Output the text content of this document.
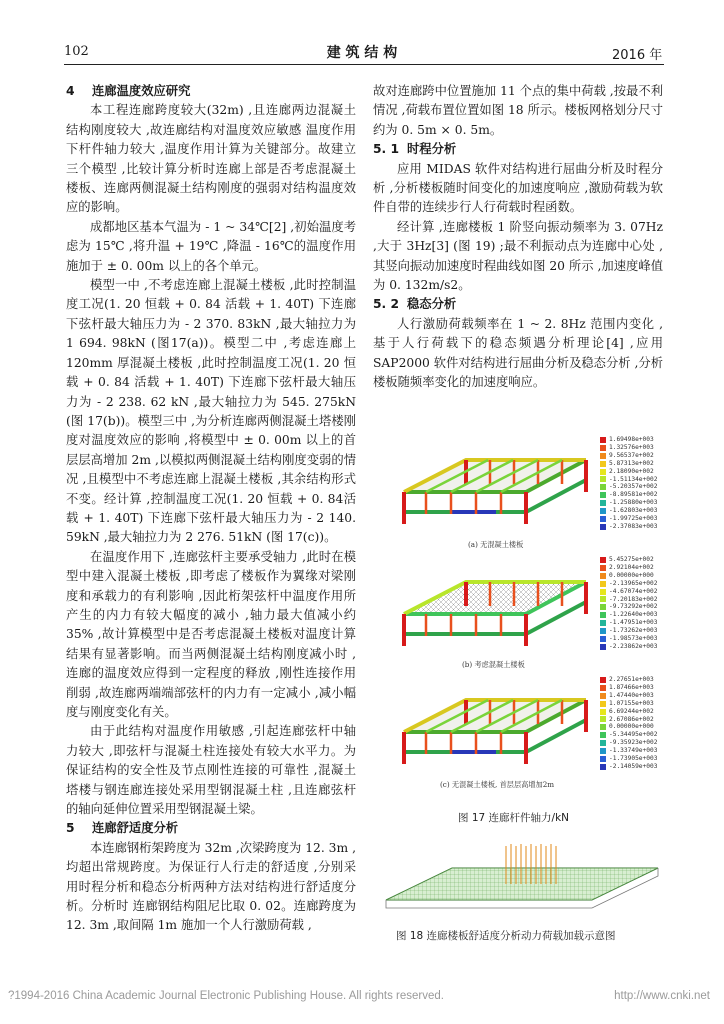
102	建 筑 结 构	2016 年
4 连廊温度效应研究

本工程连廊跨度较大(32m) ,且连廊两边混凝土结构刚度较大 ,故连廊结构对温度效应敏感 温度作用下杆件轴力较大 ,温度作用计算为关键部分。故建立三个模型 ,比较计算分析时连廊上部是否考虑混凝土楼板、连廊两侧混凝土结构刚度的强弱对结构温度效应的影响。

成都地区基本气温为 - 1 ~ 34℃[2] ,初始温度考虑为 15℃ ,将升温 + 19℃ ,降温 - 16℃的温度作用施加于 ± 0. 00m 以上的各个单元。

模型一中 ,不考虑连廊上混凝土楼板 ,此时控制温度工况(1. 20 恒载 + 0. 84 活载 + 1. 40T) 下连廊下弦杆最大轴压力为 - 2 370. 83kN ,最大轴拉力为 1 694. 98kN (图17(a))。模型二中 ,考虑连廊上 120mm 厚混凝土楼板 ,此时控制温度工况(1. 20 恒载 + 0. 84 活载 + 1. 40T) 下连廊下弦杆最大轴压力为 - 2 238. 62 kN ,最大轴拉力为 545. 275kN (图 17(b))。模型三中 ,为分析连廊两侧混凝土塔楼刚度对温度效应的影响 ,将模型中 ± 0. 00m 以上的首层层高增加 2m ,以模拟两侧混凝土结构刚度变弱的情况 ,且模型中不考虑连廊上混凝土楼板 ,其余结构形式不变。经计算 ,控制温度工况(1. 20 恒载 + 0. 84活载 + 1. 40T) 下连廊下弦杆最大轴压力为 - 2 140. 59kN ,最大轴拉力为 2 276. 51kN (图 17(c))。

在温度作用下 ,连廊弦杆主要承受轴力 ,此时在模型中建入混凝土楼板 ,即考虑了楼板作为翼缘对梁刚度和承载力的有利影响 ,因此桁架弦杆中温度作用所产生的内力有较大幅度的减小 ,轴力最大值减小约 35% ,故计算模型中是否考虑混凝土楼板对温度计算结果有显著影响。而当两侧混凝土结构刚度减小时 ,连廊的温度效应得到一定程度的释放 ,刚性连接作用削弱 ,故连廊两端端部弦杆的内力有一定减小 ,减小幅度与刚度变化有关。

由于此结构对温度作用敏感 ,引起连廊弦杆中轴力较大 ,即弦杆与混凝土柱连接处有较大水平力。为保证结构的安全性及节点刚性连接的可靠性 ,混凝土塔楼与钢连廊连接处采用型钢混凝土柱 ,且连廊弦杆的轴向延伸位置采用型钢混凝土梁。

5 连廊舒适度分析

本连廊钢桁架跨度为 32m ,次梁跨度为 12. 3m ,均超出常规跨度。为保证行人行走的舒适度 ,分别采用时程分析和稳态分析两种方法对结构进行舒适度分析。分析时 连廊钢结构阻尼比取 0. 02。连廊跨度为 12. 3m ,取间隔 1m 施加一个人行激励荷载 ,

故对连廊跨中位置施加 11 个点的集中荷载 ,按最不利情况 ,荷载布置位置如图 18 所示。楼板网格划分尺寸约为 0. 5m × 0. 5m。

5. 1 时程分析

应用 MIDAS 软件对结构进行屈曲分析及时程分析 ,分析楼板随时间变化的加速度响应 ,激励荷载为软件自带的连续步行人行荷载时程函数。

经计算 ,连廊楼板 1 阶竖向振动频率为 3. 07Hz ,大于 3Hz[3] (图 19) ;最不利振动点为连廊中心处 ,其竖向振动加速度时程曲线如图 20 所示 ,加速度峰值为 0. 132m/s2。

5. 2 稳态分析

人行激励荷载频率在 1 ~ 2. 8Hz 范围内变化 ,基于人行荷载下的稳态频遇分析理论[4] ,应用 SAP2000 软件对结构进行屈曲分析及稳态分析 ,分析楼板随频率变化的加速度响应。

1.69498e+003
1.32576e+003
9.56537e+002
5.87313e+002
2.18090e+002
-1.51134e+002
-5.20357e+002
-8.89581e+002
-1.25880e+003
-1.62803e+003
-1.99725e+003
-2.37083e+003
(a) 无混凝土楼板
5.45275e+002
2.92104e+002
0.00000e+000
-2.13965e+002
-4.67074e+002
-7.20183e+002
-9.73292e+002
-1.22640e+003
-1.47951e+003
-1.73262e+003
-1.98573e+003
-2.23862e+003
(b) 考虑混凝土楼板
2.27651e+003
1.87466e+003
1.47440e+003
1.07155e+003
6.69244e+002
2.67086e+002
0.00000e+000
-5.34495e+002
-9.35923e+002
-1.33749e+003
-1.73905e+003
-2.14059e+003
(c) 无混凝土楼板, 首层层高增加2m
图 17 连廊杆件轴力/kN
图 18 连廊楼板舒适度分析动力荷载加载示意图
?1994-2016 China Academic Journal Electronic Publishing House. All rights reserved.	http://www.cnki.net
